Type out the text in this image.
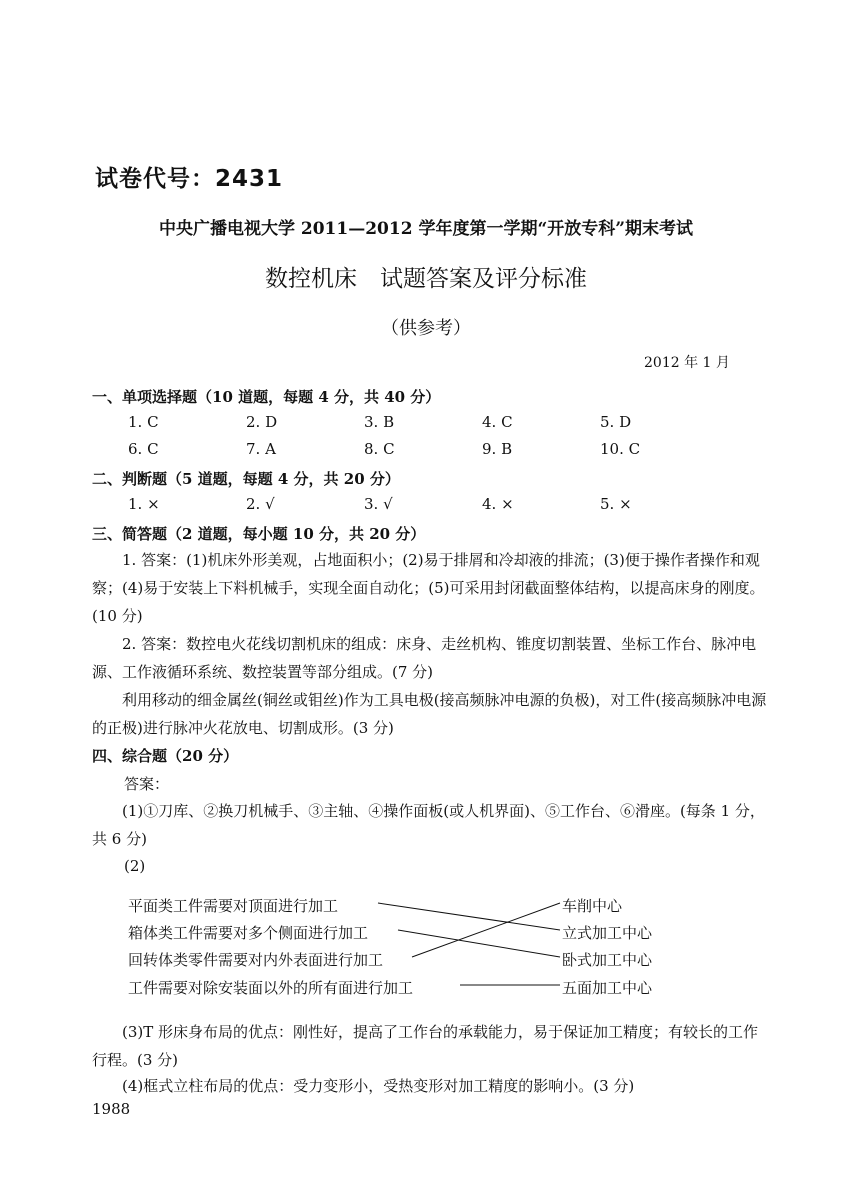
试卷代号：2431
中央广播电视大学 2011—2012 学年度第一学期“开放专科”期末考试
数控机床　试题答案及评分标准
（供参考）
2012 年 1 月
一、单项选择题（10 道题，每题 4 分，共 40 分）
1. C	2. D	3. B	4. C	5. D
6. C	7. A	8. C	9. B	10. C
二、判断题（5 道题，每题 4 分，共 20 分）
1. ×	2. √	3. √	4. ×	5. ×
三、简答题（2 道题，每小题 10 分，共 20 分）
1. 答案：(1)机床外形美观，占地面积小；(2)易于排屑和冷却液的排流；(3)便于操作者操作和观察；(4)易于安装上下料机械手，实现全面自动化；(5)可采用封闭截面整体结构，以提高床身的刚度。(10 分)
2. 答案：数控电火花线切割机床的组成：床身、走丝机构、锥度切割装置、坐标工作台、脉冲电源、工作液循环系统、数控装置等部分组成。(7 分)
利用移动的细金属丝(铜丝或钼丝)作为工具电极(接高频脉冲电源的负极)，对工件(接高频脉冲电源的正极)进行脉冲火花放电、切割成形。(3 分)
四、综合题（20 分）
答案：
(1)①刀库、②换刀机械手、③主轴、④操作面板(或人机界面)、⑤工作台、⑥滑座。(每条 1 分，共 6 分)
(2)
平面类工件需要对顶面进行加工
箱体类工件需要对多个侧面进行加工
回转体类零件需要对内外表面进行加工
工件需要对除安装面以外的所有面进行加工
车削中心
立式加工中心
卧式加工中心
五面加工中心
(3)T 形床身布局的优点：刚性好，提高了工作台的承载能力，易于保证加工精度；有较长的工作行程。(3 分)
(4)框式立柱布局的优点：受力变形小，受热变形对加工精度的影响小。(3 分)
1988
